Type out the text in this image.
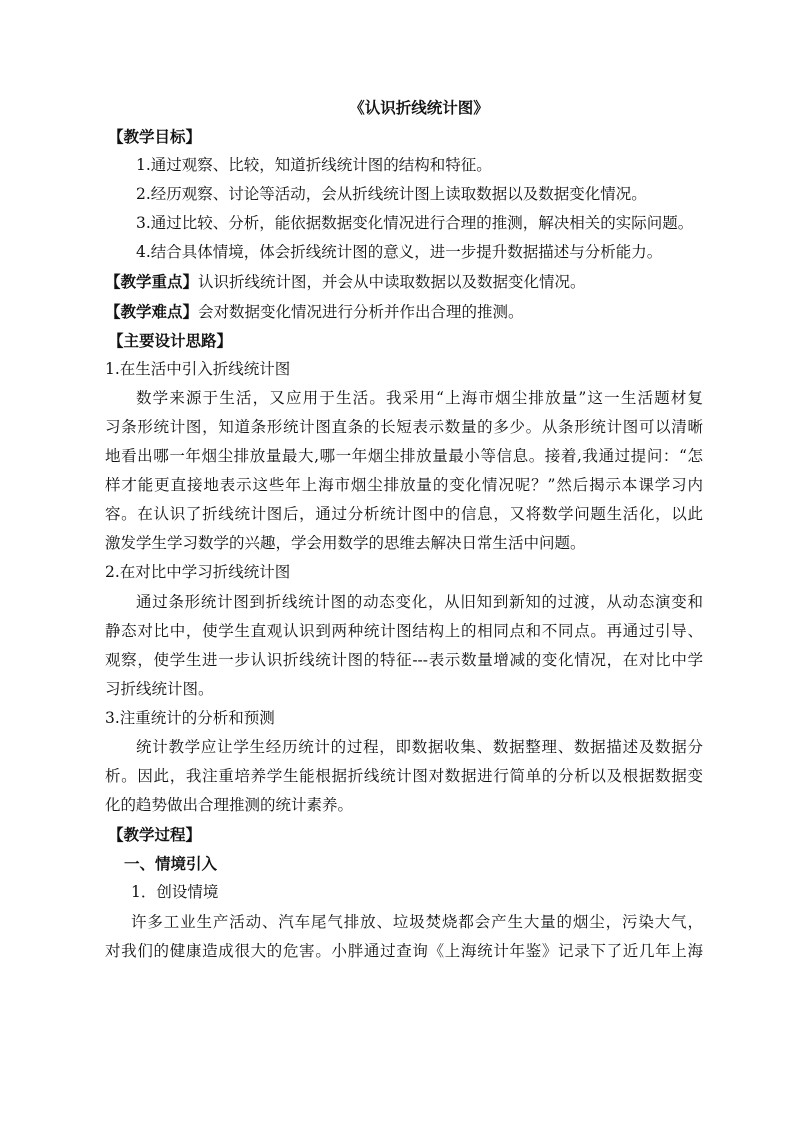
《认识折线统计图》
【教学目标】
1.通过观察、比较，知道折线统计图的结构和特征。
2.经历观察、讨论等活动，会从折线统计图上读取数据以及数据变化情况。
3.通过比较、分析，能依据数据变化情况进行合理的推测，解决相关的实际问题。
4.结合具体情境，体会折线统计图的意义，进一步提升数据描述与分析能力。
【教学重点】认识折线统计图，并会从中读取数据以及数据变化情况。
【教学难点】会对数据变化情况进行分析并作出合理的推测。
【主要设计思路】
1.在生活中引入折线统计图
数学来源于生活，又应用于生活。我采用“上海市烟尘排放量”这一生活题材复
习条形统计图，知道条形统计图直条的长短表示数量的多少。从条形统计图可以清晰
地看出哪一年烟尘排放量最大,哪一年烟尘排放量最小等信息。接着,我通过提问：“怎
样才能更直接地表示这些年上海市烟尘排放量的变化情况呢？”然后揭示本课学习内
容。在认识了折线统计图后，通过分析统计图中的信息，又将数学问题生活化，以此
激发学生学习数学的兴趣，学会用数学的思维去解决日常生活中问题。
2.在对比中学习折线统计图
通过条形统计图到折线统计图的动态变化，从旧知到新知的过渡，从动态演变和
静态对比中，使学生直观认识到两种统计图结构上的相同点和不同点。再通过引导、
观察，使学生进一步认识折线统计图的特征---表示数量增减的变化情况，在对比中学
习折线统计图。
3.注重统计的分析和预测
统计教学应让学生经历统计的过程，即数据收集、数据整理、数据描述及数据分
析。因此，我注重培养学生能根据折线统计图对数据进行简单的分析以及根据数据变
化的趋势做出合理推测的统计素养。
【教学过程】
一、情境引入
1．创设情境
许多工业生产活动、汽车尾气排放、垃圾焚烧都会产生大量的烟尘，污染大气，
对我们的健康造成很大的危害。小胖通过查询《上海统计年鉴》记录下了近几年上海
